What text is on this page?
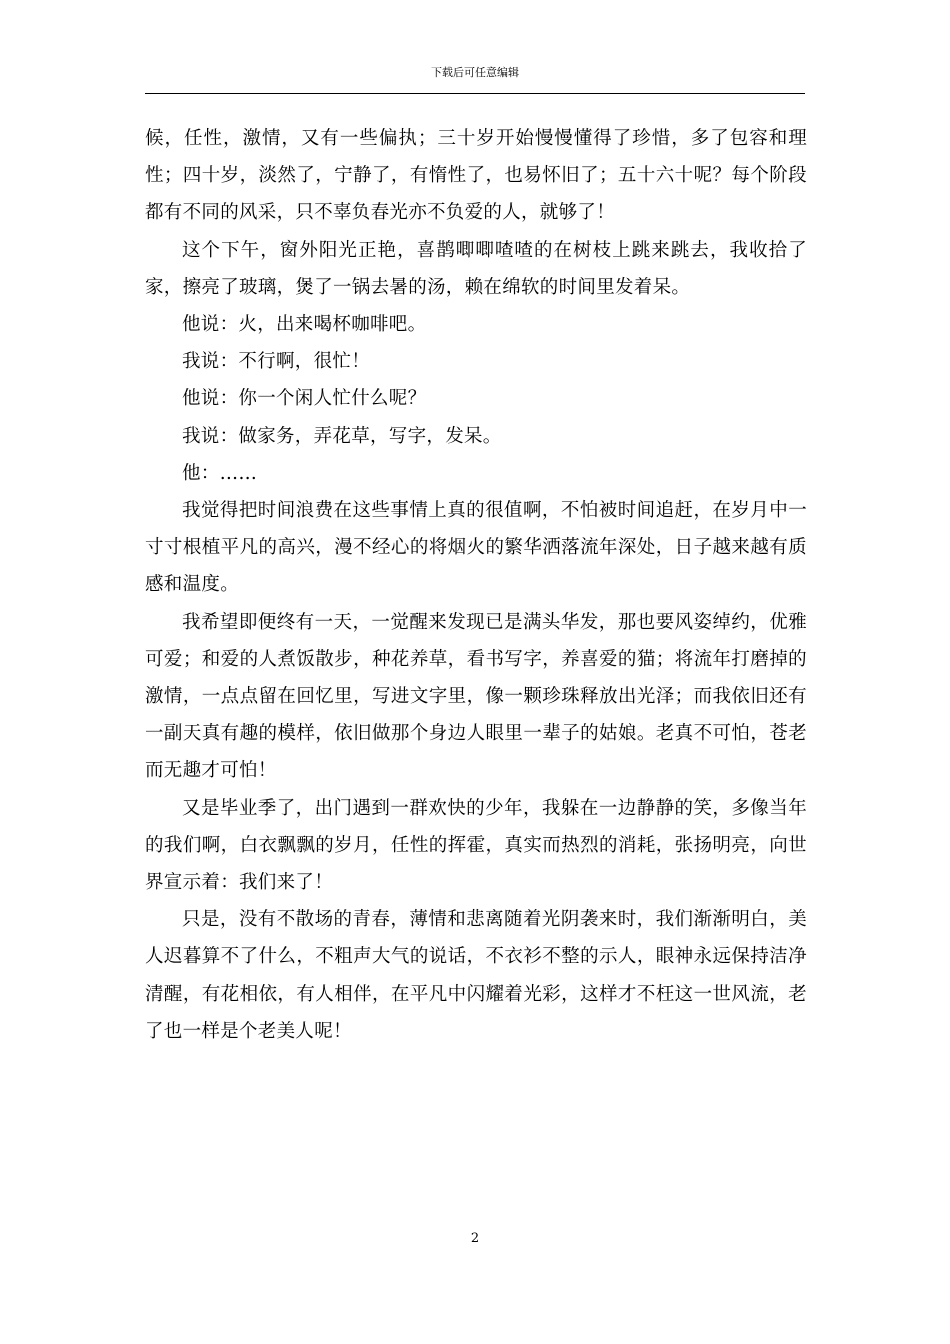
下载后可任意编辑

候，任性，激情，又有一些偏执；三十岁开始慢慢懂得了珍惜，多了包容和理性；四十岁，淡然了，宁静了，有惰性了，也易怀旧了；五十六十呢？每个阶段都有不同的风采，只不辜负春光亦不负爱的人，就够了！

这个下午，窗外阳光正艳，喜鹊唧唧喳喳的在树枝上跳来跳去，我收拾了家，擦亮了玻璃，煲了一锅去暑的汤，赖在绵软的时间里发着呆。

他说：火，出来喝杯咖啡吧。

我说：不行啊，很忙！

他说：你一个闲人忙什么呢？

我说：做家务，弄花草，写字，发呆。

他：……

我觉得把时间浪费在这些事情上真的很值啊，不怕被时间追赶，在岁月中一寸寸根植平凡的高兴，漫不经心的将烟火的繁华洒落流年深处，日子越来越有质感和温度。

我希望即便终有一天，一觉醒来发现已是满头华发，那也要风姿绰约，优雅可爱；和爱的人煮饭散步，种花养草，看书写字，养喜爱的猫；将流年打磨掉的激情，一点点留在回忆里，写进文字里，像一颗珍珠释放出光泽；而我依旧还有一副天真有趣的模样，依旧做那个身边人眼里一辈子的姑娘。老真不可怕，苍老而无趣才可怕！

又是毕业季了，出门遇到一群欢快的少年，我躲在一边静静的笑，多像当年的我们啊，白衣飘飘的岁月，任性的挥霍，真实而热烈的消耗，张扬明亮，向世界宣示着：我们来了！

只是，没有不散场的青春，薄情和悲离随着光阴袭来时，我们渐渐明白，美人迟暮算不了什么，不粗声大气的说话，不衣衫不整的示人，眼神永远保持洁净清醒，有花相依，有人相伴，在平凡中闪耀着光彩，这样才不枉这一世风流，老了也一样是个老美人呢！

2
